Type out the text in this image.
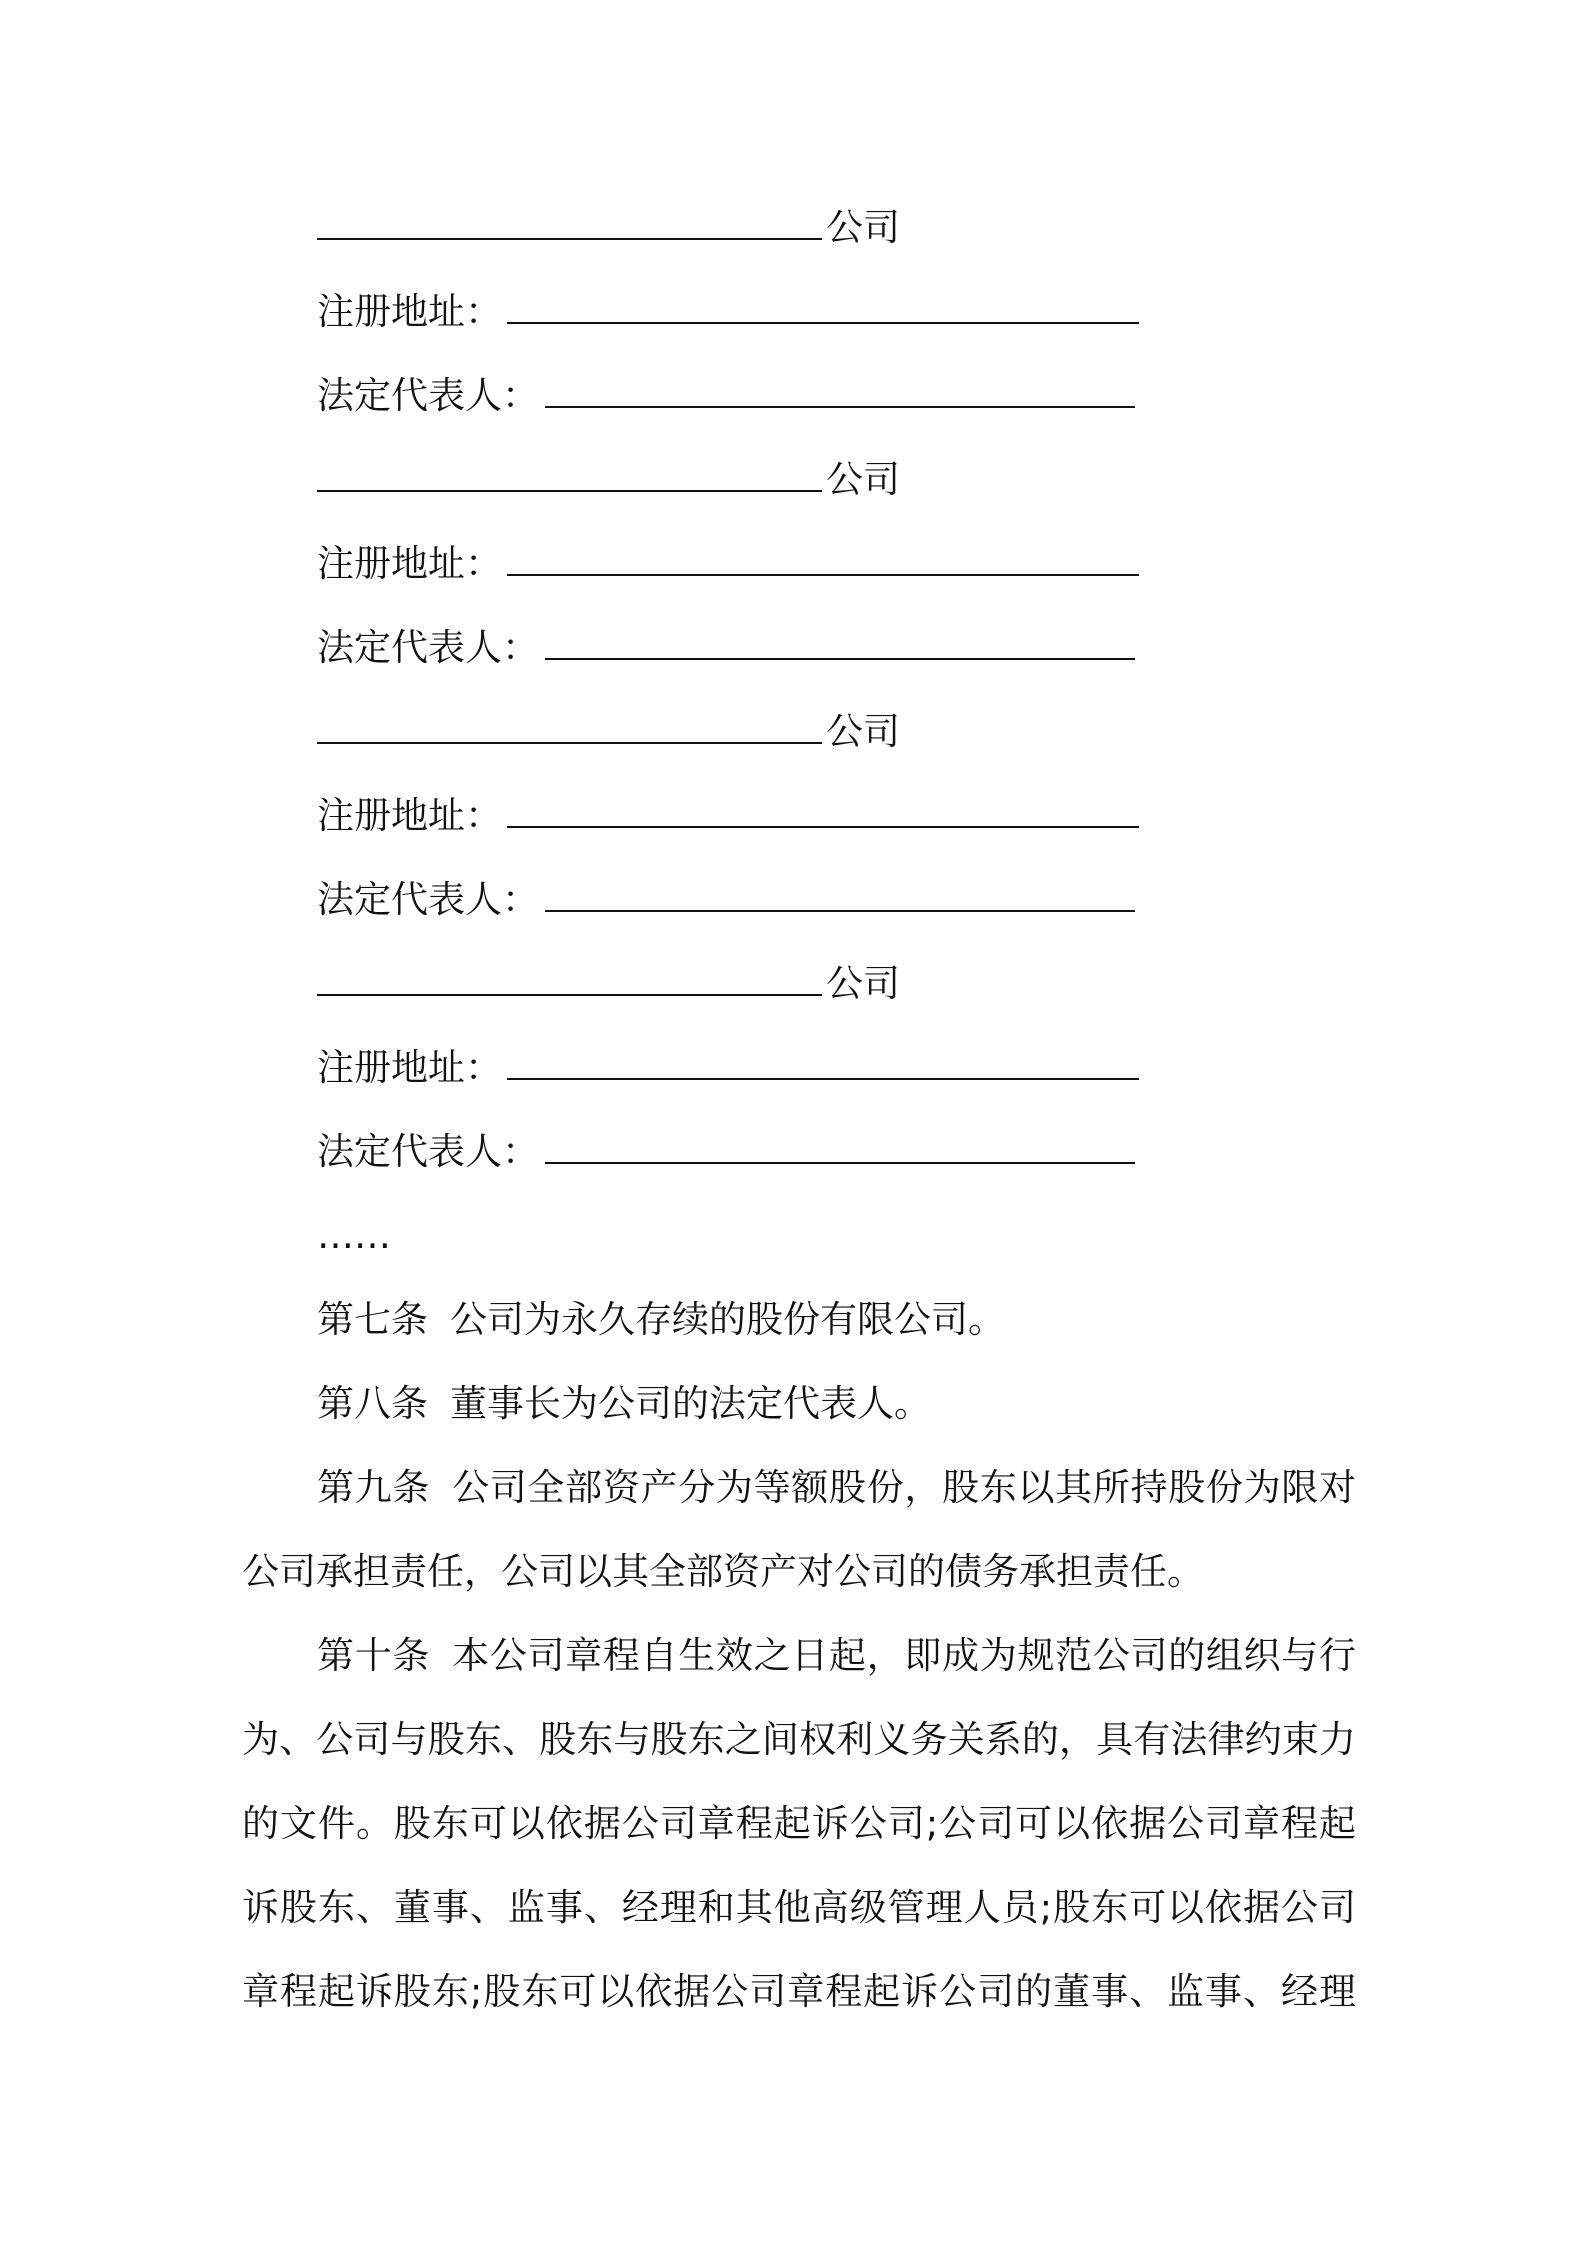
公司
注册地址：
法定代表人：
公司
注册地址：
法定代表人：
公司
注册地址：
法定代表人：
公司
注册地址：
法定代表人：
……
第七条 公司为永久存续的股份有限公司。
第八条 董事长为公司的法定代表人。
第九条 公司全部资产分为等额股份，股东以其所持股份为限对
公司承担责任，公司以其全部资产对公司的债务承担责任。
第十条 本公司章程自生效之日起，即成为规范公司的组织与行
为、公司与股东、股东与股东之间权利义务关系的，具有法律约束力
的文件。股东可以依据公司章程起诉公司;公司可以依据公司章程起
诉股东、董事、监事、经理和其他高级管理人员;股东可以依据公司
章程起诉股东;股东可以依据公司章程起诉公司的董事、监事、经理
